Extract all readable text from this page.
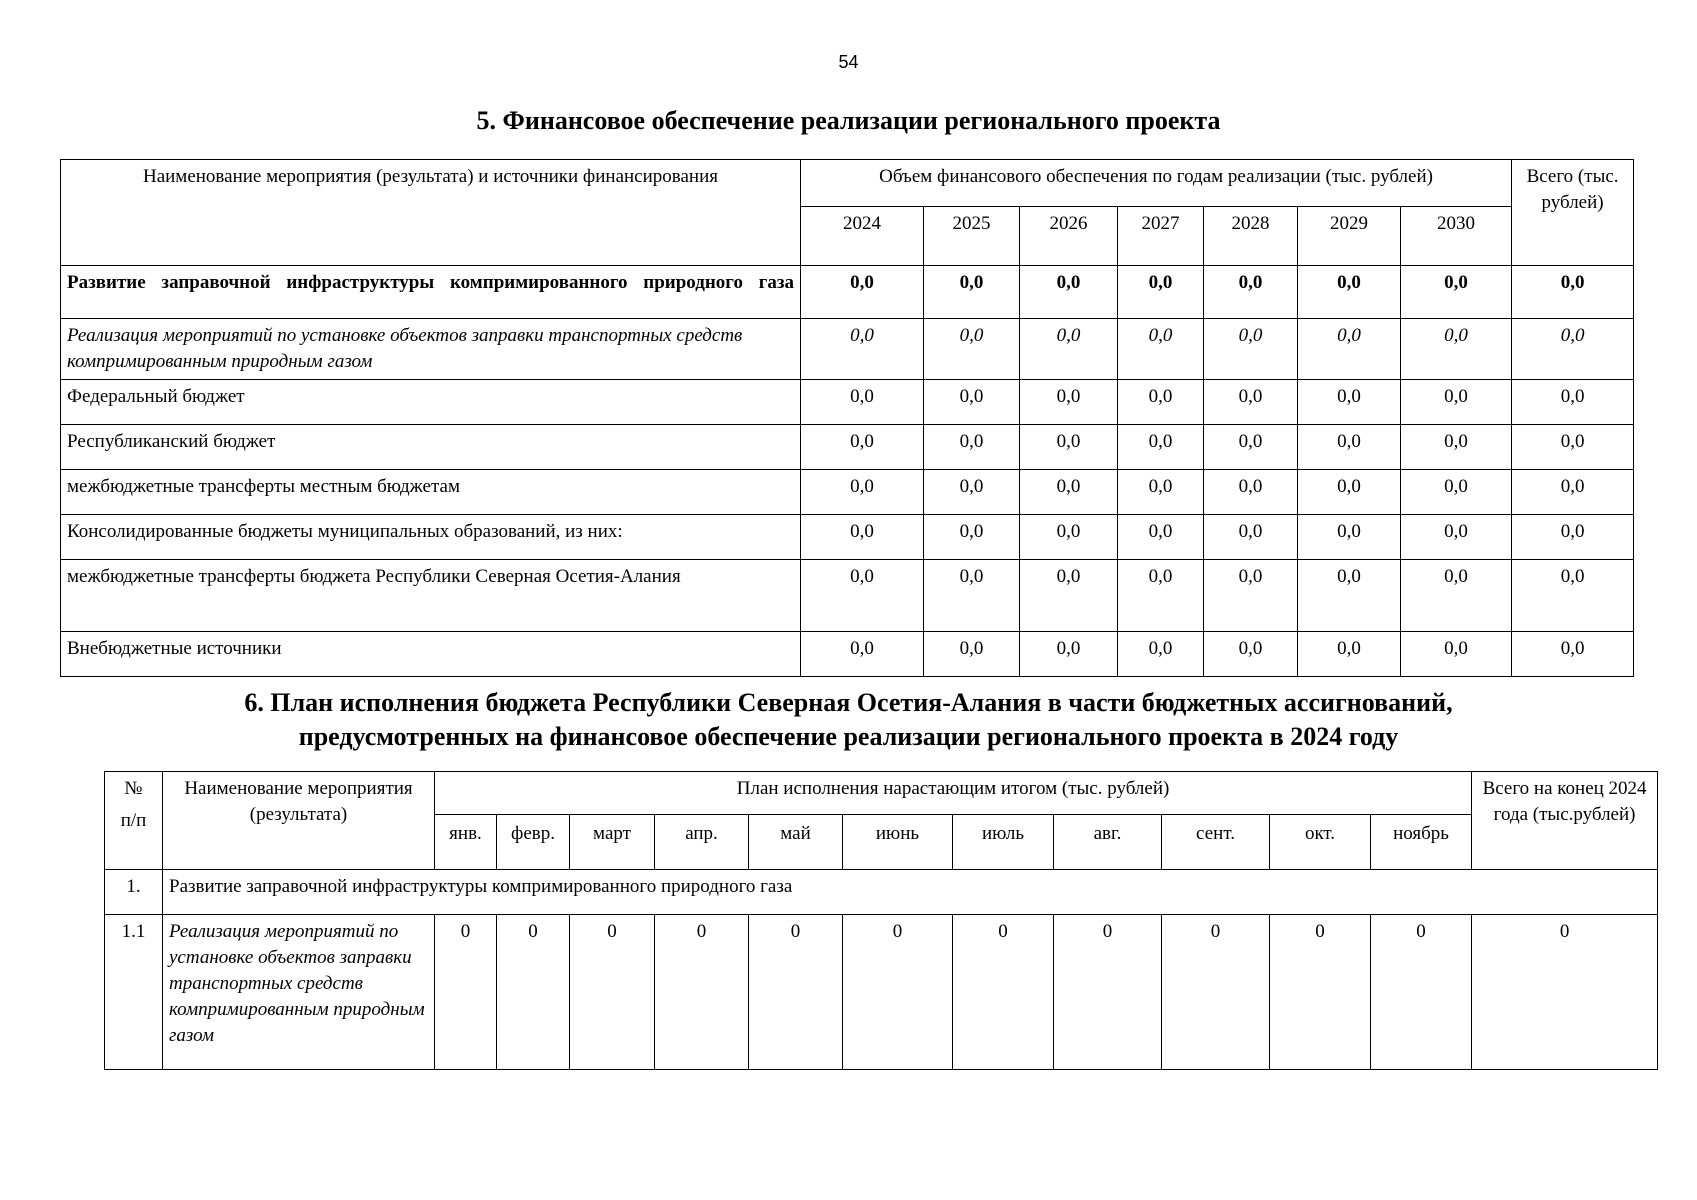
54
5. Финансовое обеспечение реализации регионального проекта
Наименование мероприятия (результата) и источники финансирования	Объем финансового обеспечения по годам реализации (тыс. рублей)							Всего (тыс. рублей)
	2024	2025	2026	2027	2028	2029	2030	
Развитие заправочной инфраструктуры компримированного природного газа	0,0	0,0	0,0	0,0	0,0	0,0	0,0	0,0
Реализация мероприятий по установке объектов заправки транспортных средств компримированным природным газом	0,0	0,0	0,0	0,0	0,0	0,0	0,0	0,0
Федеральный бюджет	0,0	0,0	0,0	0,0	0,0	0,0	0,0	0,0
Республиканский бюджет	0,0	0,0	0,0	0,0	0,0	0,0	0,0	0,0
межбюджетные трансферты местным бюджетам	0,0	0,0	0,0	0,0	0,0	0,0	0,0	0,0
Консолидированные бюджеты муниципальных образований, из них:	0,0	0,0	0,0	0,0	0,0	0,0	0,0	0,0
межбюджетные трансферты бюджета Республики Северная Осетия-Алания	0,0	0,0	0,0	0,0	0,0	0,0	0,0	0,0
Внебюджетные источники	0,0	0,0	0,0	0,0	0,0	0,0	0,0	0,0
6. План исполнения бюджета Республики Северная Осетия-Алания в части бюджетных ассигнований,
предусмотренных на финансовое обеспечение реализации регионального проекта в 2024 году
№
п/п	Наименование мероприятия (результата)	План исполнения нарастающим итогом (тыс. рублей)											Всего на конец 2024 года (тыс.рублей)
		янв.	февр.	март	апр.	май	июнь	июль	авг.	сент.	окт.	ноябрь	
1.	Развитие заправочной инфраструктуры компримированного природного газа												
1.1	Реализация мероприятий по установке объектов заправки транспортных средств компримированным природным газом	0	0	0	0	0	0	0	0	0	0	0	0
